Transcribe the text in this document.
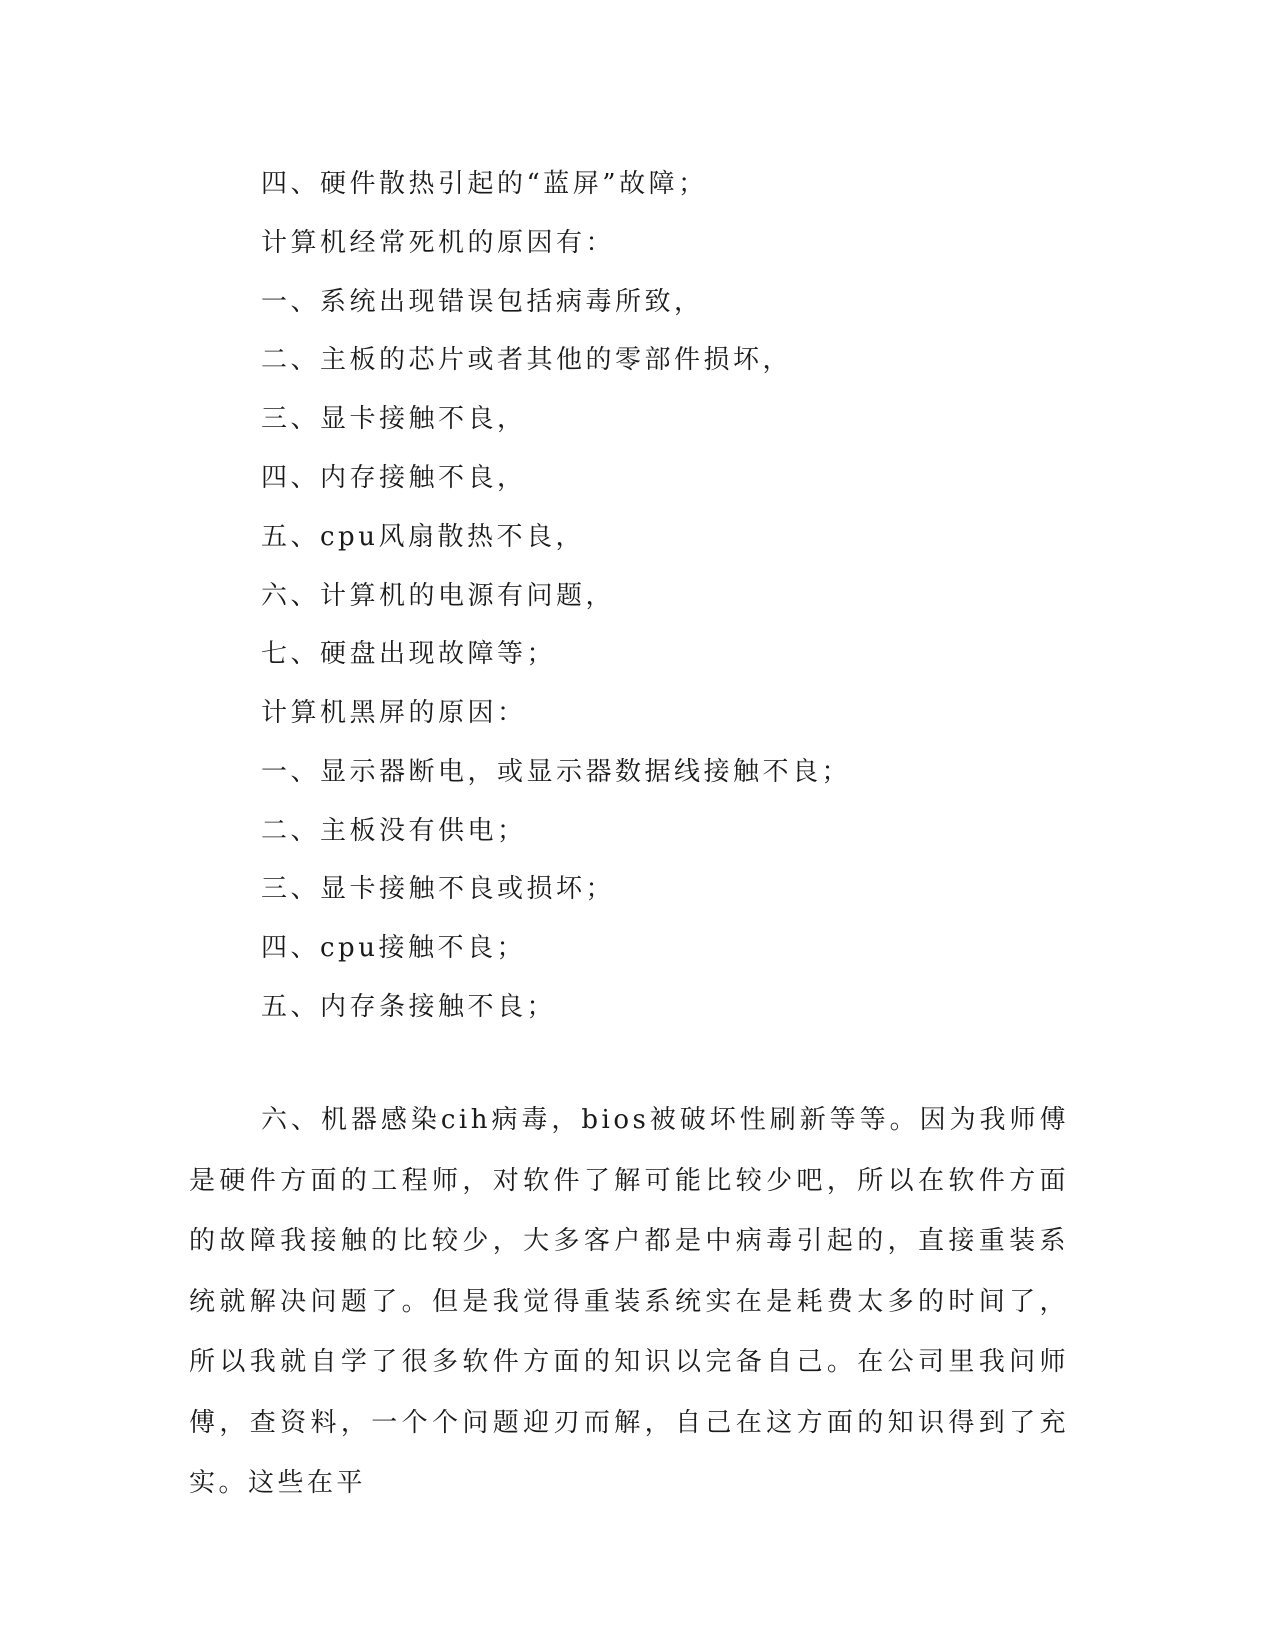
四、硬件散热引起的“蓝屏”故障；

计算机经常死机的原因有：

一、系统出现错误包括病毒所致，

二、主板的芯片或者其他的零部件损坏，

三、显卡接触不良，

四、内存接触不良，

五、cpu风扇散热不良，

六、计算机的电源有问题，

七、硬盘出现故障等；

计算机黑屏的原因：

一、显示器断电，或显示器数据线接触不良；

二、主板没有供电；

三、显卡接触不良或损坏；

四、cpu接触不良；

五、内存条接触不良；

六、机器感染cih病毒，bios被破坏性刷新等等。因为我师傅是硬件方面的工程师，对软件了解可能比较少吧，所以在软件方面的故障我接触的比较少，大多客户都是中病毒引起的，直接重装系统就解决问题了。但是我觉得重装系统实在是耗费太多的时间了，所以我就自学了很多软件方面的知识以完备自己。在公司里我问师傅，查资料，一个个问题迎刃而解，自己在这方面的知识得到了充实。这些在平
